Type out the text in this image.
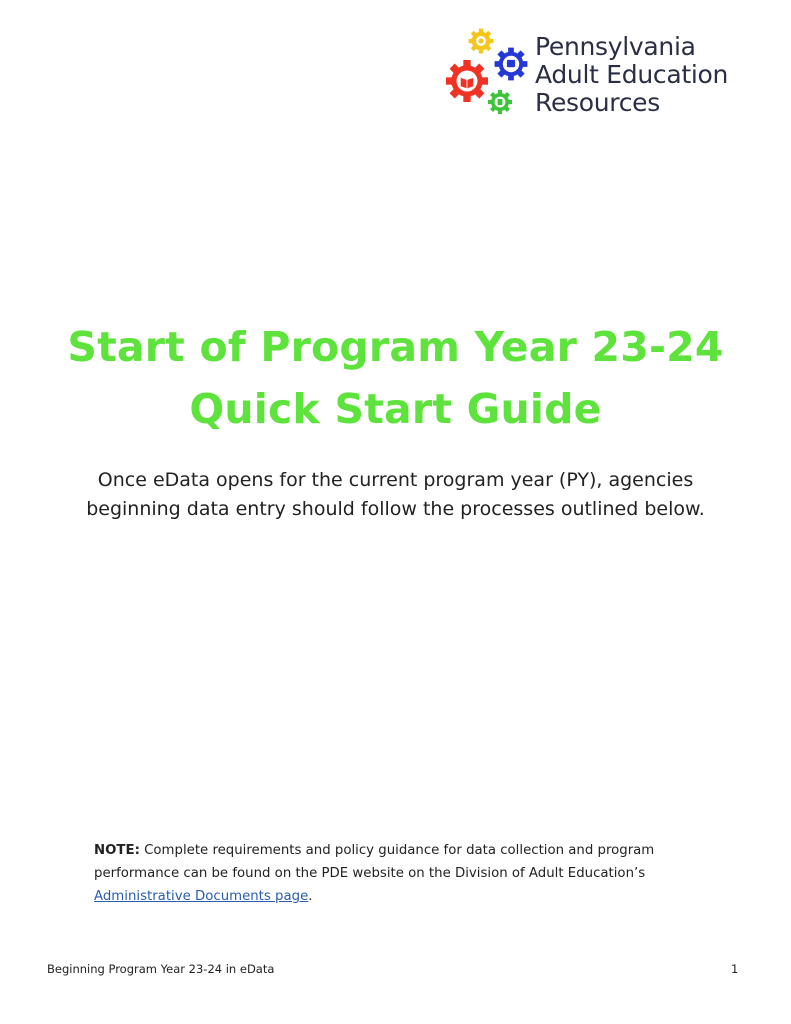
Pennsylvania
Adult Education
Resources
Start of Program Year 23-24
Quick Start Guide
Once eData opens for the current program year (PY), agencies
beginning data entry should follow the processes outlined below.
NOTE: Complete requirements and policy guidance for data collection and program
performance can be found on the PDE website on the Division of Adult Education’s
Administrative Documents page.
Beginning Program Year 23-24 in eData	1
